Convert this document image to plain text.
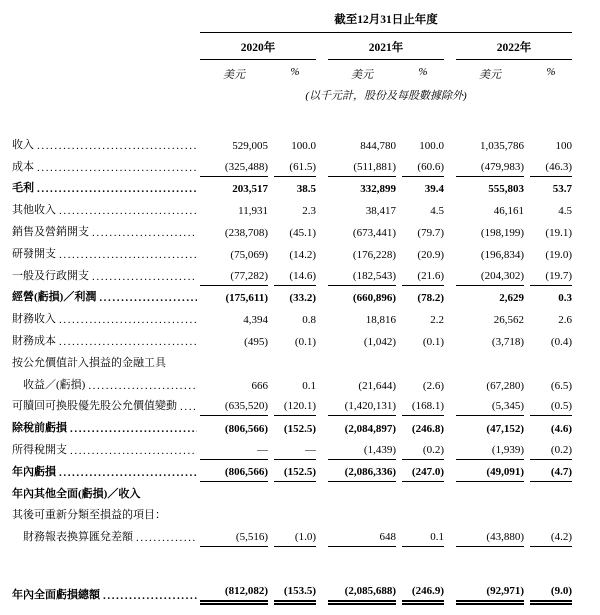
截至12月31日止年度
2020年	2021年	2022年
美元	%	美元	%	美元	%
(以千元計，股份及每股數據除外)
收入 .....	529,005	100.0	844,780	100.0	1,035,786	100
成本 .....	(325,488)	(61.5)	(511,881)	(60.6)	(479,983)	(46.3)
毛利 .....	203,517	38.5	332,899	39.4	555,803	53.7
其他收入 .....	11,931	2.3	38,417	4.5	46,161	4.5
銷售及營銷開支 .....	(238,708)	(45.1)	(673,441)	(79.7)	(198,199)	(19.1)
研發開支 .....	(75,069)	(14.2)	(176,228)	(20.9)	(196,834)	(19.0)
一般及行政開支 .....	(77,282)	(14.6)	(182,543)	(21.6)	(204,302)	(19.7)
經營(虧損)／利潤 .....	(175,611)	(33.2)	(660,896)	(78.2)	2,629	0.3
財務收入 .....	4,394	0.8	18,816	2.2	26,562	2.6
財務成本 .....	(495)	(0.1)	(1,042)	(0.1)	(3,718)	(0.4)
按公允價值計入損益的金融工具
收益／(虧損) .....	666	0.1	(21,644)	(2.6)	(67,280)	(6.5)
可贖回可換股優先股公允價值變動 .....	(635,520)	(120.1)	(1,420,131)	(168.1)	(5,345)	(0.5)
除稅前虧損 .....	(806,566)	(152.5)	(2,084,897)	(246.8)	(47,152)	(4.6)
所得稅開支 .....	—	—	(1,439)	(0.2)	(1,939)	(0.2)
年內虧損 .....	(806,566)	(152.5)	(2,086,336)	(247.0)	(49,091)	(4.7)
年內其他全面(虧損)／收入
其後可重新分類至損益的項目：
財務報表換算匯兌差額 .....	(5,516)	(1.0)	648	0.1	(43,880)	(4.2)
年內全面虧損總額 .....	(812,082)	(153.5)	(2,085,688)	(246.9)	(92,971)	(9.0)
